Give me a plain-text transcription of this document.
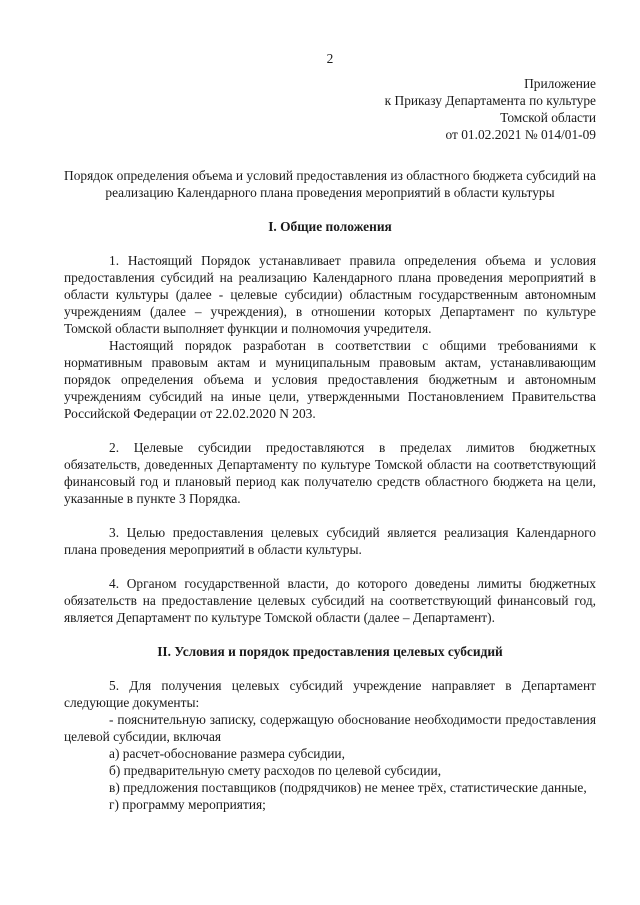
2
Приложение
к Приказу Департамента по культуре
Томской области
от 01.02.2021 № 014/01-09
Порядок определения объема и условий предоставления из областного бюджета субсидий на реализацию Календарного плана проведения мероприятий в области культуры
I. Общие положения

1. Настоящий Порядок устанавливает правила определения объема и условия предоставления субсидий на реализацию Календарного плана проведения мероприятий в области культуры (далее - целевые субсидии) областным государственным автономным учреждениям (далее – учреждения), в отношении которых Департамент по культуре Томской области выполняет функции и полномочия учредителя.

Настоящий порядок разработан в соответствии с общими требованиями к нормативным правовым актам и муниципальным правовым актам, устанавливающим порядок определения объема и условия предоставления бюджетным и автономным учреждениям субсидий на иные цели, утвержденными Постановлением Правительства Российской Федерации от 22.02.2020 N 203.

2. Целевые субсидии предоставляются в пределах лимитов бюджетных обязательств, доведенных Департаменту по культуре Томской области на соответствующий финансовый год и плановый период как получателю средств областного бюджета на цели, указанные в пункте 3 Порядка.

3. Целью предоставления целевых субсидий является реализация Календарного плана проведения мероприятий в области культуры.

4. Органом государственной власти, до которого доведены лимиты бюджетных обязательств на предоставление целевых субсидий на соответствующий финансовый год, является Департамент по культуре Томской области (далее – Департамент).

II. Условия и порядок предоставления целевых субсидий

5. Для получения целевых субсидий учреждение направляет в Департамент следующие документы:

- пояснительную записку, содержащую обоснование необходимости предоставления целевой субсидии, включая

а) расчет-обоснование размера субсидии,

б) предварительную смету расходов по целевой субсидии,

в) предложения поставщиков (подрядчиков) не менее трёх, статистические данные,

г) программу мероприятия;
